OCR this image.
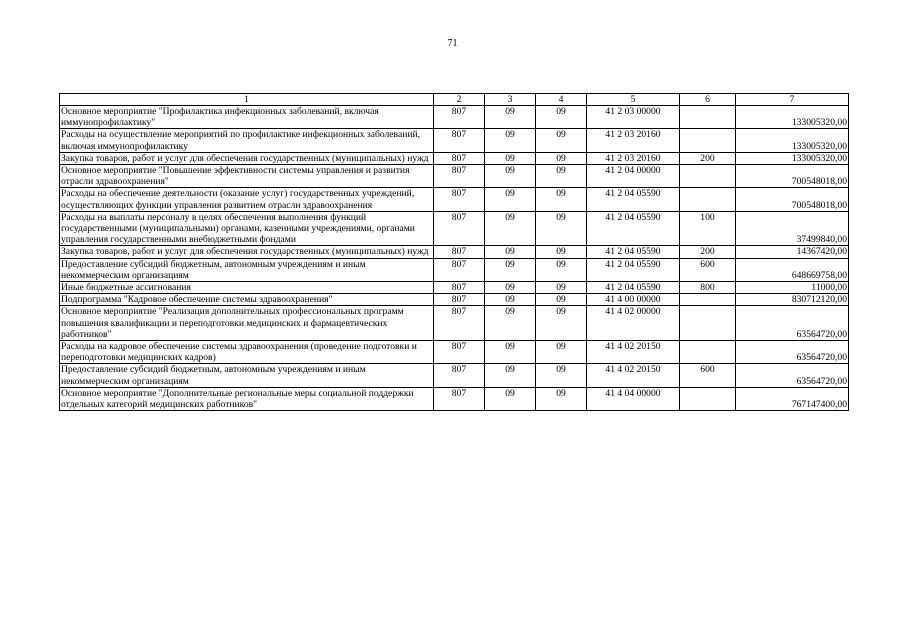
71
1	2	3	4	5	6	7
Основное мероприятие "Профилактика инфекционных заболеваний, включая иммунопрофилактику"	807	09	09	41 2 03 00000		133005320,00
Расходы на осуществление мероприятий по профилактике инфекционных заболеваний, включая иммунопрофилактику	807	09	09	41 2 03 20160		133005320,00
Закупка товаров, работ и услуг для обеспечения государственных (муниципальных) нужд	807	09	09	41 2 03 20160	200	133005320,00
Основное мероприятие "Повышение эффективности системы управления и развития отрасли здравоохранения"	807	09	09	41 2 04 00000		700548018,00
Расходы на обеспечение деятельности (оказание услуг) государственных учреждений, осуществляющих функции управления развитием отрасли здравоохранения	807	09	09	41 2 04 05590		700548018,00
Расходы на выплаты персоналу в целях обеспечения выполнения функций государственными (муниципальными) органами, казенными учреждениями, органами управления государственными внебюджетными фондами	807	09	09	41 2 04 05590	100	37499840,00
Закупка товаров, работ и услуг для обеспечения государственных (муниципальных) нужд	807	09	09	41 2 04 05590	200	14367420,00
Предоставление субсидий бюджетным, автономным учреждениям и иным некоммерческим организациям	807	09	09	41 2 04 05590	600	648669758,00
Иные бюджетные ассигнования	807	09	09	41 2 04 05590	800	11000,00
Подпрограмма "Кадровое обеспечение системы здравоохранения"	807	09	09	41 4 00 00000		830712120,00
Основное мероприятие "Реализация дополнительных профессиональных программ повышения квалификации и переподготовки медицинских и фармацевтических работников"	807	09	09	41 4 02 00000		63564720,00
Расходы на кадровое обеспечение системы здравоохранения (проведение подготовки и переподготовки медицинских кадров)	807	09	09	41 4 02 20150		63564720,00
Предоставление субсидий бюджетным, автономным учреждениям и иным некоммерческим организациям	807	09	09	41 4 02 20150	600	63564720,00
Основное мероприятие "Дополнительные региональные меры социальной поддержки отдельных категорий медицинских работников"	807	09	09	41 4 04 00000		767147400,00
